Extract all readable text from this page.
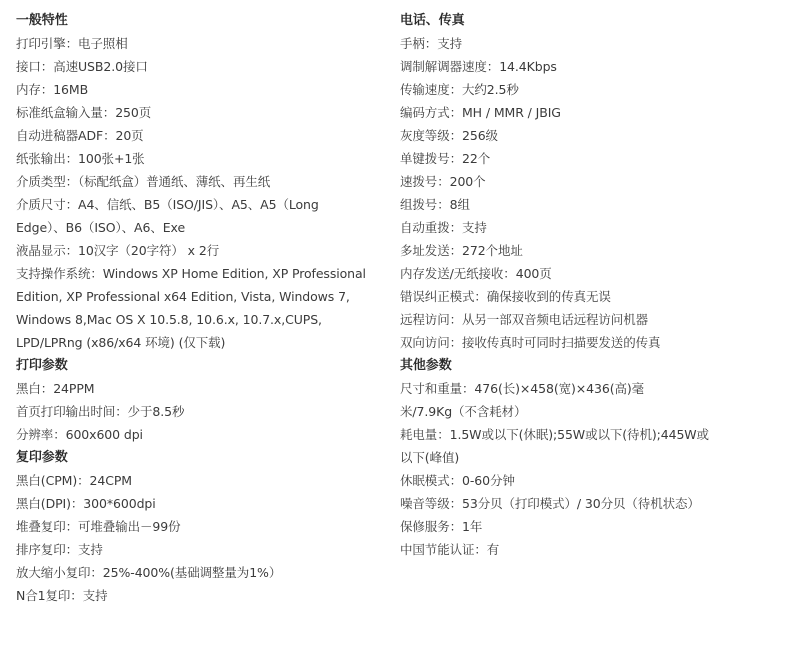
一般特性
打印引擎：电子照相
接口：高速USB2.0接口
内存：16MB
标准纸盒输入量：250页
自动进稿器ADF：20页
纸张输出：100张+1张
介质类型：（标配纸盒）普通纸、薄纸、再生纸
介质尺寸：A4、信纸、B5（ISO/JIS）、A5、A5（Long
Edge）、B6（ISO）、A6、Exe
液晶显示：10汉字（20字符） x 2行
支持操作系统：Windows XP Home Edition, XP Professional
Edition, XP Professional x64 Edition, Vista, Windows 7,
Windows 8,Mac OS X 10.5.8, 10.6.x, 10.7.x,CUPS,
LPD/LPRng (x86/x64 环境) (仅下载)
打印参数
黑白：24PPM
首页打印输出时间：少于8.5秒
分辨率：600x600 dpi
复印参数
黑白(CPM)：24CPM
黑白(DPI)：300*600dpi
堆叠复印：可堆叠输出－99份
排序复印：支持
放大缩小复印：25%-400%(基础调整量为1%）
N合1复印：支持
电话、传真
手柄：支持
调制解调器速度：14.4Kbps
传输速度：大约2.5秒
编码方式：MH / MMR / JBIG
灰度等级：256级
单键拨号：22个
速拨号：200个
组拨号：8组
自动重拨：支持
多址发送：272个地址
内存发送/无纸接收：400页
错误纠正模式：确保接收到的传真无误
远程访问：从另一部双音频电话远程访问机器
双向访问：接收传真时可同时扫描要发送的传真
其他参数
尺寸和重量：476(长)×458(宽)×436(高)毫
米/7.9Kg（不含耗材）
耗电量：1.5W或以下(休眠);55W或以下(待机);445W或
以下(峰值)
休眠模式：0-60分钟
噪音等级：53分贝（打印模式）/ 30分贝（待机状态）
保修服务：1年
中国节能认证：有
